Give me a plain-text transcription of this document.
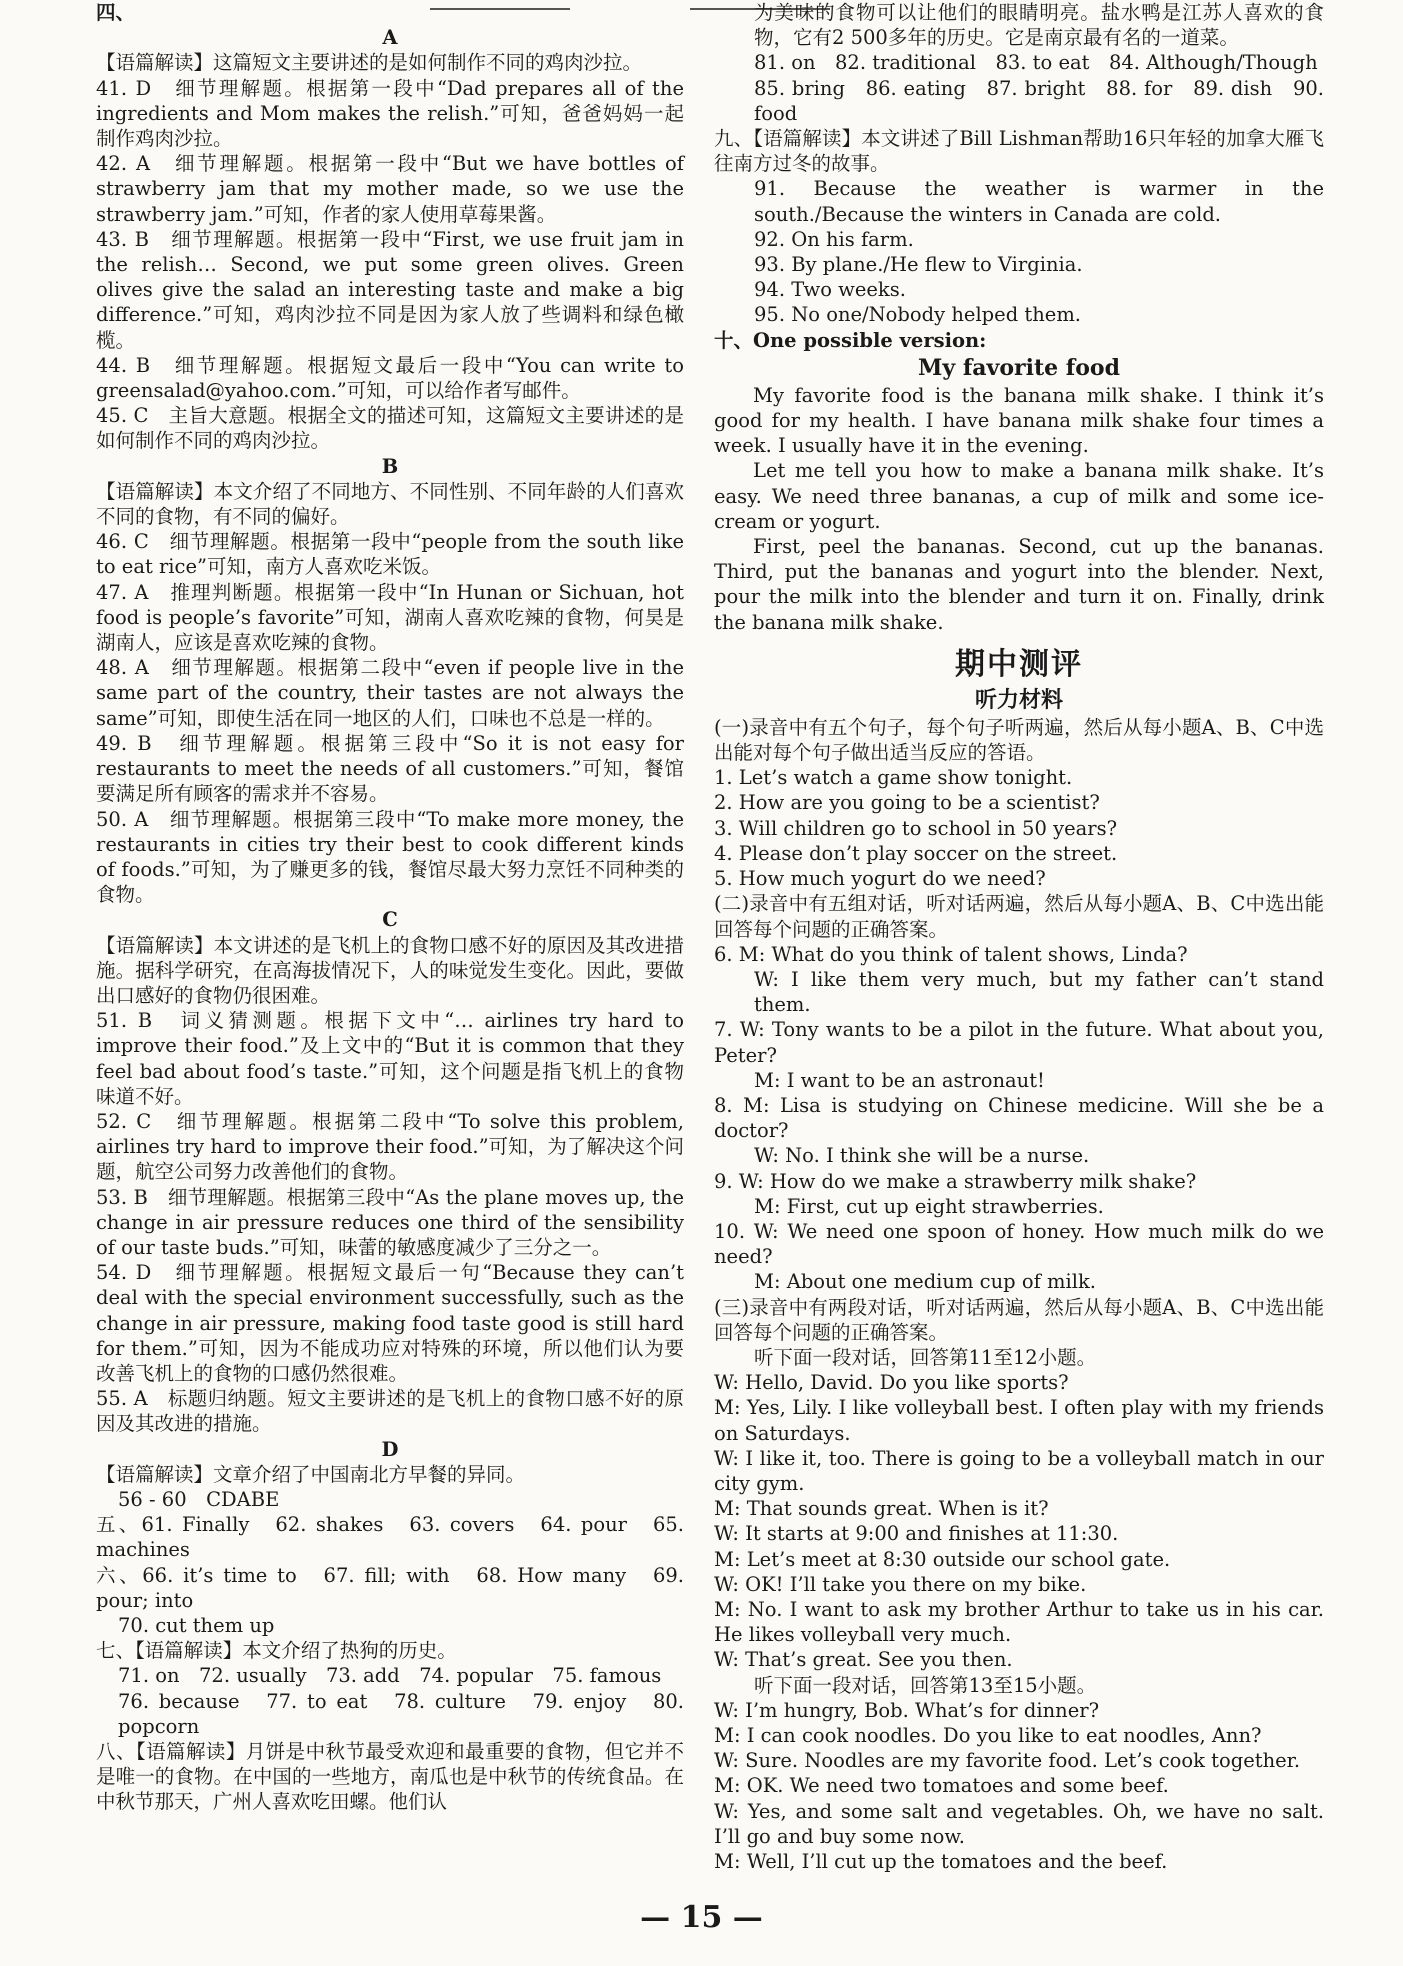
四、

A

【语篇解读】这篇短文主要讲述的是如何制作不同的鸡肉沙拉。

41. D　细节理解题。根据第一段中“Dad prepares all of the ingredients and Mom makes the relish.”可知，爸爸妈妈一起制作鸡肉沙拉。

42. A　细节理解题。根据第一段中“But we have bottles of strawberry jam that my mother made, so we use the strawberry jam.”可知，作者的家人使用草莓果酱。

43. B　细节理解题。根据第一段中“First, we use fruit jam in the relish… Second, we put some green olives. Green olives give the salad an interesting taste and make a big difference.”可知，鸡肉沙拉不同是因为家人放了些调料和绿色橄榄。

44. B　细节理解题。根据短文最后一段中“You can write to greensalad@yahoo.com.”可知，可以给作者写邮件。

45. C　主旨大意题。根据全文的描述可知，这篇短文主要讲述的是如何制作不同的鸡肉沙拉。

B

【语篇解读】本文介绍了不同地方、不同性别、不同年龄的人们喜欢不同的食物，有不同的偏好。

46. C　细节理解题。根据第一段中“people from the south like to eat rice”可知，南方人喜欢吃米饭。

47. A　推理判断题。根据第一段中“In Hunan or Sichuan, hot food is people’s favorite”可知，湖南人喜欢吃辣的食物，何昊是湖南人，应该是喜欢吃辣的食物。

48. A　细节理解题。根据第二段中“even if people live in the same part of the country, their tastes are not always the same”可知，即使生活在同一地区的人们，口味也不总是一样的。

49. B　细节理解题。根据第三段中“So it is not easy for restaurants to meet the needs of all customers.”可知，餐馆要满足所有顾客的需求并不容易。

50. A　细节理解题。根据第三段中“To make more money, the restaurants in cities try their best to cook different kinds of foods.”可知，为了赚更多的钱，餐馆尽最大努力烹饪不同种类的食物。

C

【语篇解读】本文讲述的是飞机上的食物口感不好的原因及其改进措施。据科学研究，在高海拔情况下，人的味觉发生变化。因此，要做出口感好的食物仍很困难。

51. B　词义猜测题。根据下文中“… airlines try hard to improve their food.”及上文中的“But it is common that they feel bad about food’s taste.”可知，这个问题是指飞机上的食物味道不好。

52. C　细节理解题。根据第二段中“To solve this problem, airlines try hard to improve their food.”可知，为了解决这个问题，航空公司努力改善他们的食物。

53. B　细节理解题。根据第三段中“As the plane moves up, the change in air pressure reduces one third of the sensibility of our taste buds.”可知，味蕾的敏感度减少了三分之一。

54. D　细节理解题。根据短文最后一句“Because they can’t deal with the special environment successfully, such as the change in air pressure, making food taste good is still hard for them.”可知，因为不能成功应对特殊的环境，所以他们认为要改善飞机上的食物的口感仍然很难。

55. A　标题归纳题。短文主要讲述的是飞机上的食物口感不好的原因及其改进的措施。

D

【语篇解读】文章介绍了中国南北方早餐的异同。

56 - 60　CDABE

五、61. Finally　62. shakes　63. covers　64. pour　65. machines

六、66. it’s time to　67. fill; with　68. How many　69. pour; into

70. cut them up

七、【语篇解读】本文介绍了热狗的历史。

71. on　72. usually　73. add　74. popular　75. famous

76. because　77. to eat　78. culture　79. enjoy　80. popcorn

八、【语篇解读】月饼是中秋节最受欢迎和最重要的食物，但它并不是唯一的食物。在中国的一些地方，南瓜也是中秋节的传统食品。在中秋节那天，广州人喜欢吃田螺。他们认

为美味的食物可以让他们的眼睛明亮。盐水鸭是江苏人喜欢的食物，它有2 500多年的历史。它是南京最有名的一道菜。

81. on　82. traditional　83. to eat　84. Although/Though

85. bring　86. eating　87. bright　88. for　89. dish　90. food

九、【语篇解读】本文讲述了Bill Lishman帮助16只年轻的加拿大雁飞往南方过冬的故事。

91. Because the weather is warmer in the south./Because the winters in Canada are cold.

92. On his farm.

93. By plane./He flew to Virginia.

94. Two weeks.

95. No one/Nobody helped them.

十、One possible version:

My favorite food

My favorite food is the banana milk shake. I think it’s good for my health. I have banana milk shake four times a week. I usually have it in the evening.

Let me tell you how to make a banana milk shake. It’s easy. We need three bananas, a cup of milk and some ice-cream or yogurt.

First, peel the bananas. Second, cut up the bananas. Third, put the bananas and yogurt into the blender. Next, pour the milk into the blender and turn it on. Finally, drink the banana milk shake.

期中测评

听力材料

(一)录音中有五个句子，每个句子听两遍，然后从每小题A、B、C中选出能对每个句子做出适当反应的答语。

1. Let’s watch a game show tonight.

2. How are you going to be a scientist?

3. Will children go to school in 50 years?

4. Please don’t play soccer on the street.

5. How much yogurt do we need?

(二)录音中有五组对话，听对话两遍，然后从每小题A、B、C中选出能回答每个问题的正确答案。

6. M: What do you think of talent shows, Linda?

W: I like them very much, but my father can’t stand them.

7. W: Tony wants to be a pilot in the future. What about you, Peter?

M: I want to be an astronaut!

8. M: Lisa is studying on Chinese medicine. Will she be a doctor?

W: No. I think she will be a nurse.

9. W: How do we make a strawberry milk shake?

M: First, cut up eight strawberries.

10. W: We need one spoon of honey. How much milk do we need?

M: About one medium cup of milk.

(三)录音中有两段对话，听对话两遍，然后从每小题A、B、C中选出能回答每个问题的正确答案。

听下面一段对话，回答第11至12小题。

W: Hello, David. Do you like sports?

M: Yes, Lily. I like volleyball best. I often play with my friends on Saturdays.

W: I like it, too. There is going to be a volleyball match in our city gym.

M: That sounds great. When is it?

W: It starts at 9:00 and finishes at 11:30.

M: Let’s meet at 8:30 outside our school gate.

W: OK! I’ll take you there on my bike.

M: No. I want to ask my brother Arthur to take us in his car. He likes volleyball very much.

W: That’s great. See you then.

听下面一段对话，回答第13至15小题。

W: I’m hungry, Bob. What’s for dinner?

M: I can cook noodles. Do you like to eat noodles, Ann?

W: Sure. Noodles are my favorite food. Let’s cook together.

M: OK. We need two tomatoes and some beef.

W: Yes, and some salt and vegetables. Oh, we have no salt. I’ll go and buy some now.

M: Well, I’ll cut up the tomatoes and the beef.

— 15 —
